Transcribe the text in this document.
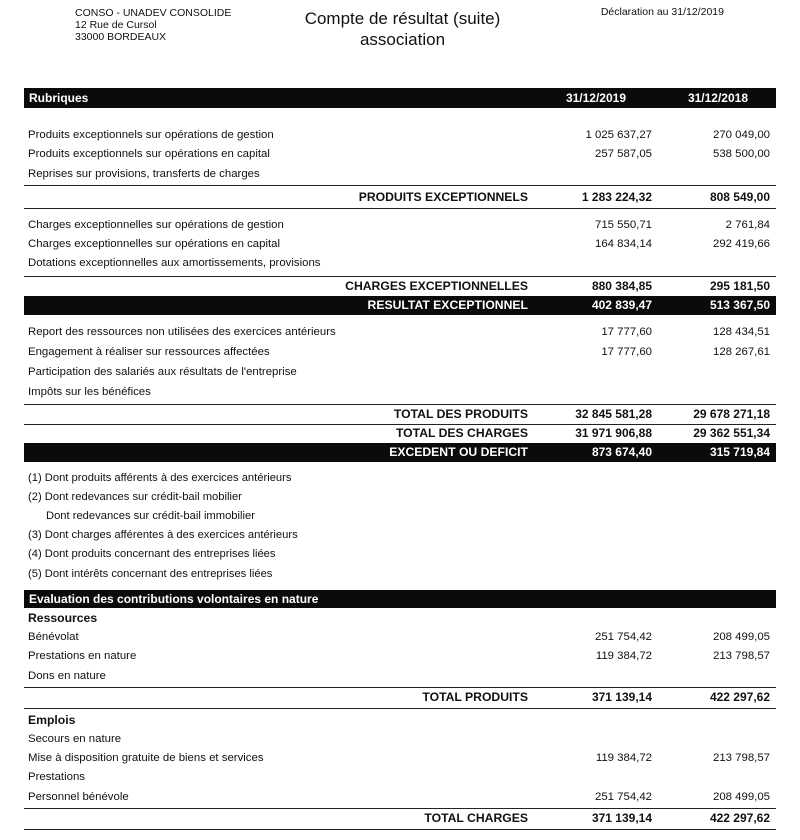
CONSO - UNADEV CONSOLIDE
12 Rue de Cursol
33000 BORDEAUX
Compte de résultat (suite)
association
Déclaration au 31/12/2019
Rubriques	31/12/2019	31/12/2018
Produits exceptionnels sur opérations de gestion	1 025 637,27	270 049,00
Produits exceptionnels sur opérations en capital	257 587,05	538 500,00
Reprises sur provisions, transferts de charges
PRODUITS EXCEPTIONNELS	1 283 224,32	808 549,00
Charges exceptionnelles sur opérations de gestion	715 550,71	2 761,84
Charges exceptionnelles sur opérations en capital	164 834,14	292 419,66
Dotations exceptionnelles aux amortissements, provisions
CHARGES EXCEPTIONNELLES	880 384,85	295 181,50
RESULTAT EXCEPTIONNEL	402 839,47	513 367,50
Report des ressources non utilisées des exercices antérieurs	17 777,60	128 434,51
Engagement à réaliser sur ressources affectées	17 777,60	128 267,61
Participation des salariés aux résultats de l'entreprise
Impôts sur les bénéfices
TOTAL DES PRODUITS	32 845 581,28	29 678 271,18
TOTAL DES CHARGES	31 971 906,88	29 362 551,34
EXCEDENT OU DEFICIT	873 674,40	315 719,84
(1) Dont produits afférents à des exercices antérieurs
(2) Dont redevances sur crédit-bail mobilier
Dont redevances sur crédit-bail immobilier
(3) Dont charges afférentes à des exercices antérieurs
(4) Dont produits concernant des entreprises liées
(5) Dont intérêts concernant des entreprises liées
Evaluation des contributions volontaires en nature
Ressources
Bénévolat	251 754,42	208 499,05
Prestations en nature	119 384,72	213 798,57
Dons en nature
TOTAL PRODUITS	371 139,14	422 297,62
Emplois
Secours en nature
Mise à disposition gratuite de biens et services	119 384,72	213 798,57
Prestations
Personnel bénévole	251 754,42	208 499,05
TOTAL CHARGES	371 139,14	422 297,62
